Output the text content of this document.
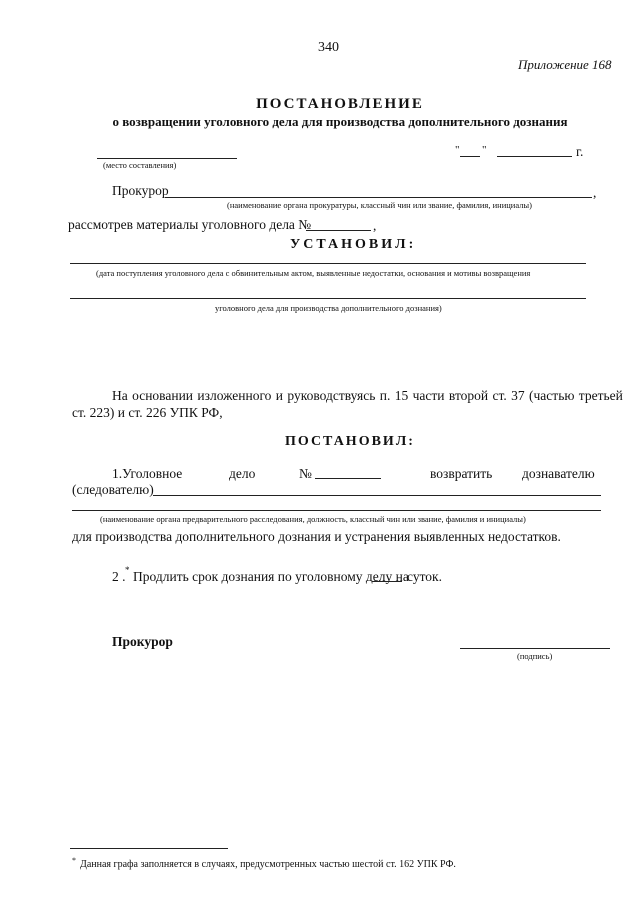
340
Приложение 168
ПОСТАНОВЛЕНИЕ
о возвращении уголовного дела для производства дополнительного дознания
(место составления)
" "	г.
Прокурор	,
(наименование органа прокуратуры, классный чин или звание, фамилия, инициалы)
рассмотрев материалы уголовного дела №	,
УСТАНОВИЛ:
(дата поступления уголовного дела с обвинительным актом, выявленные недостатки, основания и мотивы возвращения
уголовного дела для производства дополнительного дознания)
На основании изложенного и руководствуясь п. 15 части второй ст. 37 (частью третьей
ст. 223) и ст. 226 УПК РФ,
ПОСТАНОВИЛ:
1.Уголовное	дело	№	возвратить дознавателю
(следователю)
(наименование органа предварительного расследования, должность, классный чин или звание, фамилия и инициалы)
для производства дополнительного дознания и устранения выявленных недостатков.
2 . * Продлить срок дознания по уголовному делу на
суток.
Прокурор
(подпись)
* Данная графа заполняется в случаях, предусмотренных частью шестой ст. 162 УПК РФ.
